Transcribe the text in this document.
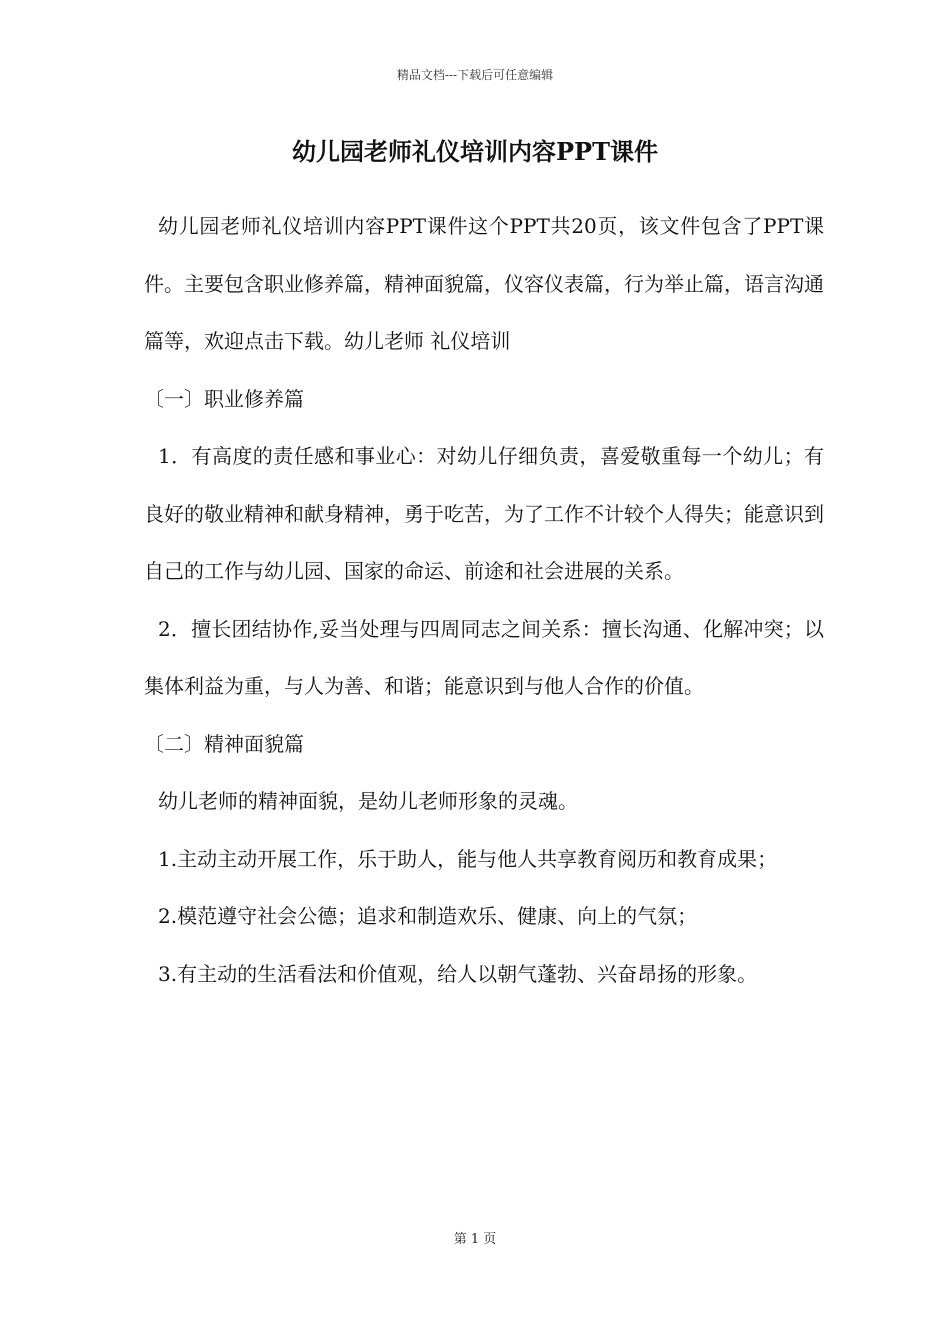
精品文档---下载后可任意编辑
幼儿园老师礼仪培训内容PPT课件

幼儿园老师礼仪培训内容PPT课件这个PPT共20页，该文件包含了PPT课件。主要包含职业修养篇，精神面貌篇，仪容仪表篇，行为举止篇，语言沟通篇等，欢迎点击下载。幼儿老师 礼仪培训

〔一〕职业修养篇

1．有高度的责任感和事业心：对幼儿仔细负责，喜爱敬重每一个幼儿；有良好的敬业精神和献身精神，勇于吃苦，为了工作不计较个人得失；能意识到自己的工作与幼儿园、国家的命运、前途和社会进展的关系。

2．擅长团结协作,妥当处理与四周同志之间关系：擅长沟通、化解冲突；以集体利益为重，与人为善、和谐；能意识到与他人合作的价值。

〔二〕精神面貌篇

幼儿老师的精神面貌，是幼儿老师形象的灵魂。

1.主动主动开展工作，乐于助人，能与他人共享教育阅历和教育成果；

2.模范遵守社会公德；追求和制造欢乐、健康、向上的气氛；

3.有主动的生活看法和价值观，给人以朝气蓬勃、兴奋昂扬的形象。

第 1 页
